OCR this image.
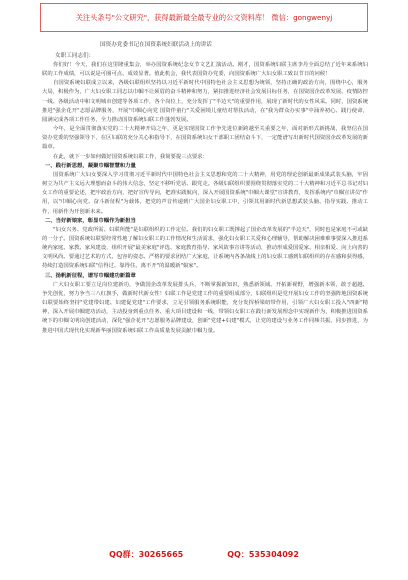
关注头条号"公文研究"，获得最新最全最专业的公文资料库！ 微信：gongwenyj
国资办党委书记在国资系统妇联活动上的讲话
女职工同志们：

你们好！今天，我们在这里隆重集会，举办国资系统纪念女节文艺汇演活动。刚才，国资系统妇联主席李丹全面总结了近年来系统妇联的工作成绩，可以说是可圈可点、成效显著。值此机会，我代表国资办党委，向国资系统广大妇女职工致以节日的问候！

自国资系统妇联成立以来，各级妇联组织坚持以习近平新时代中国特色社会主义思想为统领，坚持正确的政治方向，围绕中心，服务大局，积极作为，广大妇女职工同志以巾帼不让须眉的奋斗精神和努力，紧扣推进经济社会发展目标任务，在国资国企改革发展、疫情防控一线、各级活动中和文明城市创建等各项工作，各个岗位上，充分发挥了"半边天"的重要作用，展现了新时代的女性风采。同时，国资系统推进"强企花开"志愿品牌服务，开展"巾帼心向党 国资伴童行"关爱困境儿童结对帮扶活动，在"我为群众办实事"中涌养初心、践行使命，圆满完成各项工作任务，全力推动国资系统妇联工作蓬勃发展。

今年，是全面贯彻落实党的二十大精神开局之年，更是实现国资工作争先进位新跨越至关重要之年，面对新形式新挑战，我坚信在国资办党委的坚强领导下，在区妇联的充分关心和指导下，在国资系统妇女干部职工团结奋斗下，一定能谱写出新时代国资国企改革发展的新篇章。

在此，就下一步如何做好国资系统妇联工作，我简要提三点要求：

一、践行新思想，凝聚巾帼智慧和力量

国资系统广大妇女要深入学习贯彻习近平新时代中国特色社会主义思想和党的二十大精神，用党的理论创新最新成果武装头脑，牢固树立为共产主义远大理想而奋斗的伟大信念，坚定不移听党话、跟党走。各级妇联组织要围绕贯彻落实党的二十大精神和习近平总书记对妇女工作的重要论述，把牢政治方向，把好宣传导向，把准实践航向，深入开展国资系统"巾帼大课堂"宣讲教育，发挥系统内"巾帼宣讲员"作用，以"巾帼心向党、奋斗新征程"为载体，把党的声音传递到广大国企妇女职工中，引领其用新时代新思想武装头脑、指导实践、推动工作，用新作为开创新未来。

二、当好新娘家，彰显巾帼作为新担当

"妇女兴务、党政所需、妇联所能"是妇联组织的工作定位。我们的妇女职工既撑起了国企改革发展的"半边天"，同时也是家庭不可或缺的一分子。国资系统妇联要经常性地了解妇女职工的工作情况和生活需求，强化妇女职工关爱和心理辅导，帮助解决困难难事要深入推进系统内家庭、家教、家风建设，组织开展"最美家庭"评选、家庭教育指导、家风故事宣讲等活动，推动形成爱国爱家、相亲相爱、向上向善的文明风尚。要通过艺术的方式、包容的姿态、严格的要求团结广大家庭，让系统内各条战线上的妇女职工感到妇联组织的存在感和获得感，持续打造国资系统妇联"信得过、靠得住、离不开"的温暖新"娘家"。

三、扬帆新征程，谱写巾帼建功新篇章

广大妇女职工要立足岗位建新功，争做国企改革发展排头兵，不断掌握新知识，熟悉新领域、开拓新视野，增强新本领，敢于超越、争先创优，努力争当三八红旗手，做新时代新女性！妇联工作是党建工作的重要组成部分，妇联组织是党开展妇女工作的坚强阵地国资系统妇联要始终坚持"党建带妇建、妇建促党建"工作要求，立足引领服务系统职能，充分发挥桥梁纽带作用，引领广大妇女职工投入"四新"精神，深入开展巾帼建功活动，主动投身到重点任务、重大项目建设和一线，带领妇女职工在践行新发展理念中实现新作为，积极推进国资系统下的巾帼文明岗创建活动，深化"强企花开"志愿服务品牌建设，创新"党建+妇建"模式，让党的建设与业务工作同频共振、同步推进，为推进中国式现代化实现新华丽国资系统妇联工作高质量发展贡献巾帼力量。

QQ群：30265665	QQ：535304092
